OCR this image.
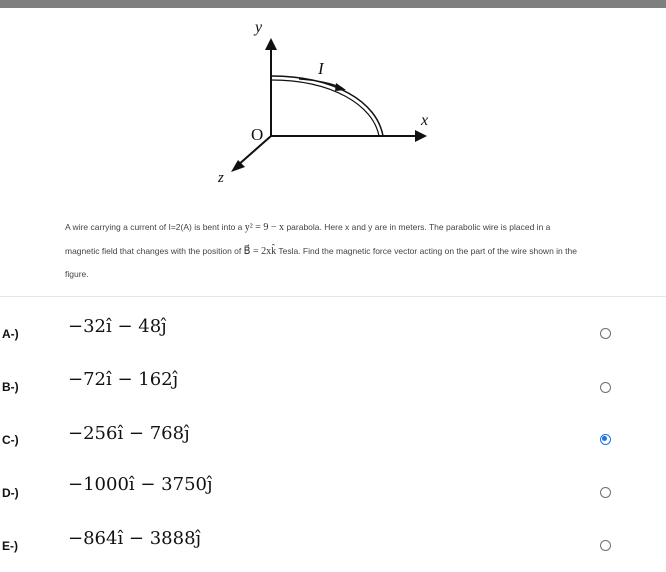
y
x
z
O
I
A wire carrying a current of I=2(A) is bent into a y² = 9 − x parabola. Here x and y are in meters. The parabolic wire is placed in a magnetic field that changes with the position of B⃗ = 2xk̂ Tesla. Find the magnetic force vector acting on the part of the wire shown in the figure.
A-)	−32î − 48ĵ
B-)	−72î − 162ĵ
C-)	−256î − 768ĵ
D-)	−1000î − 3750ĵ
E-)	−864î − 3888ĵ
